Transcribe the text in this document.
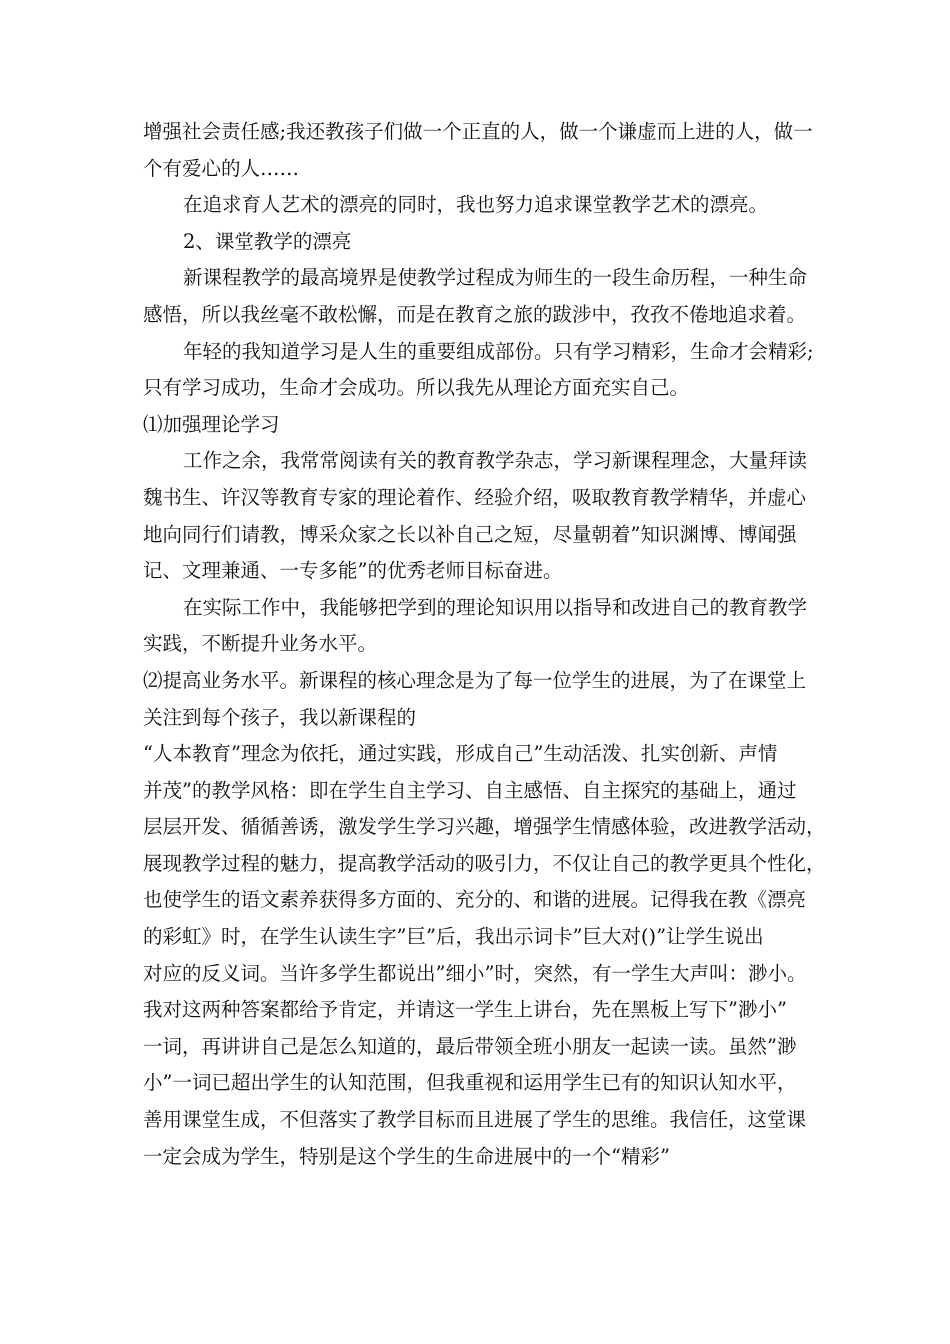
增强社会责任感;我还教孩子们做一个正直的人，做一个谦虚而上进的人，做一
个有爱心的人……
在追求育人艺术的漂亮的同时，我也努力追求课堂教学艺术的漂亮。
2、课堂教学的漂亮
新课程教学的最高境界是使教学过程成为师生的一段生命历程，一种生命
感悟，所以我丝毫不敢松懈，而是在教育之旅的跋涉中，孜孜不倦地追求着。
年轻的我知道学习是人生的重要组成部份。只有学习精彩，生命才会精彩;
只有学习成功，生命才会成功。所以我先从理论方面充实自己。
⑴加强理论学习
工作之余，我常常阅读有关的教育教学杂志，学习新课程理念，大量拜读
魏书生、许汉等教育专家的理论着作、经验介绍，吸取教育教学精华，并虚心
地向同行们请教，博采众家之长以补自己之短，尽量朝着”知识渊博、博闻强
记、文理兼通、一专多能”的优秀老师目标奋进。
在实际工作中，我能够把学到的理论知识用以指导和改进自己的教育教学
实践，不断提升业务水平。
⑵提高业务水平。新课程的核心理念是为了每一位学生的进展，为了在课堂上
关注到每个孩子，我以新课程的
“人本教育”理念为依托，通过实践，形成自己”生动活泼、扎实创新、声情
并茂”的教学风格：即在学生自主学习、自主感悟、自主探究的基础上，通过
层层开发、循循善诱，激发学生学习兴趣，增强学生情感体验，改进教学活动，
展现教学过程的魅力，提高教学活动的吸引力，不仅让自己的教学更具个性化，
也使学生的语文素养获得多方面的、充分的、和谐的进展。记得我在教《漂亮
的彩虹》时，在学生认读生字”巨”后，我出示词卡”巨大对()”让学生说出
对应的反义词。当许多学生都说出”细小”时，突然，有一学生大声叫：渺小。
我对这两种答案都给予肯定，并请这一学生上讲台，先在黑板上写下”渺小”
一词，再讲讲自己是怎么知道的，最后带领全班小朋友一起读一读。虽然”渺
小”一词已超出学生的认知范围，但我重视和运用学生已有的知识认知水平，
善用课堂生成，不但落实了教学目标而且进展了学生的思维。我信任，这堂课
一定会成为学生，特别是这个学生的生命进展中的一个“精彩”
